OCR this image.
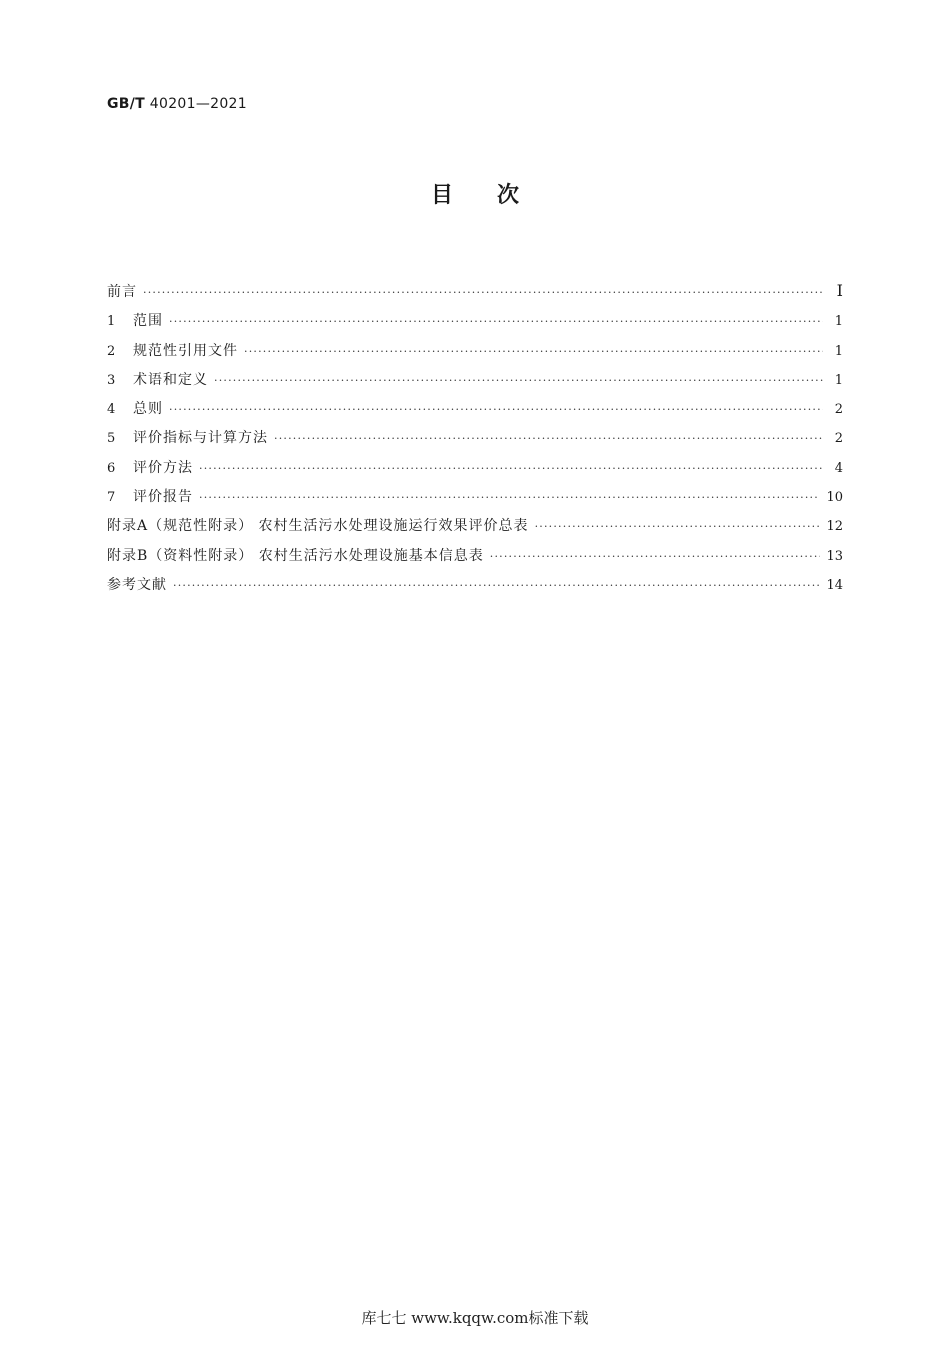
GB/T 40201—2021
目次
前言 ·····	Ⅰ
1	范围 ·····	1
2	规范性引用文件 ·····	1
3	术语和定义 ·····	1
4	总则 ·····	2
5	评价指标与计算方法 ·····	2
6	评价方法 ·····	4
7	评价报告 ·····	10
附录A（规范性附录） 农村生活污水处理设施运行效果评价总表 ·····	12
附录B（资料性附录） 农村生活污水处理设施基本信息表 ·····	13
参考文献 ·····	14
库七七 www.kqqw.com标准下载
